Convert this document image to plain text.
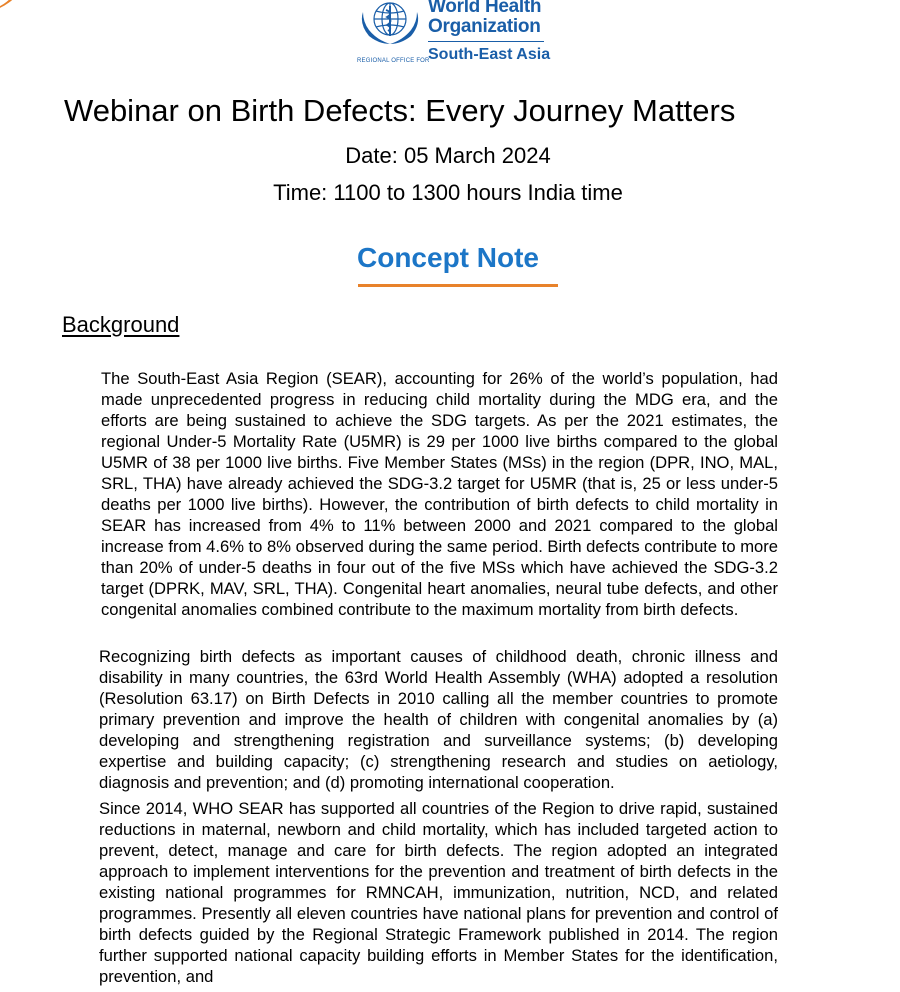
World Health
Organization
REGIONAL OFFICE FOR
South-East Asia
Webinar on Birth Defects: Every Journey Matters
Date: 05 March 2024
Time: 1100 to 1300 hours India time
Concept Note
Background

The South-East Asia Region (SEAR), accounting for 26% of the world’s population, had made unprecedented progress in reducing child mortality during the MDG era, and the efforts are being sustained to achieve the SDG targets. As per the 2021 estimates, the regional Under-5 Mortality Rate (U5MR) is 29 per 1000 live births compared to the global U5MR of 38 per 1000 live births. Five Member States (MSs) in the region (DPR, INO, MAL, SRL, THA) have already achieved the SDG-3.2 target for U5MR (that is, 25 or less under-5 deaths per 1000 live births). However, the contribution of birth defects to child mortality in SEAR has increased from 4% to 11% between 2000 and 2021 compared to the global increase from 4.6% to 8% observed during the same period. Birth defects contribute to more than 20% of under-5 deaths in four out of the five MSs which have achieved the SDG-3.2 target (DPRK, MAV, SRL, THA). Congenital heart anomalies, neural tube defects, and other congenital anomalies combined contribute to the maximum mortality from birth defects.

Recognizing birth defects as important causes of childhood death, chronic illness and disability in many countries, the 63rd World Health Assembly (WHA) adopted a resolution (Resolution 63.17) on Birth Defects in 2010 calling all the member countries to promote primary prevention and improve the health of children with congenital anomalies by (a) developing and strengthening registration and surveillance systems; (b) developing expertise and building capacity; (c) strengthening research and studies on aetiology, diagnosis and prevention; and (d) promoting international cooperation.

Since 2014, WHO SEAR has supported all countries of the Region to drive rapid, sustained reductions in maternal, newborn and child mortality, which has included targeted action to prevent, detect, manage and care for birth defects. The region adopted an integrated approach to implement interventions for the prevention and treatment of birth defects in the existing national programmes for RMNCAH, immunization, nutrition, NCD, and related programmes. Presently all eleven countries have national plans for prevention and control of birth defects guided by the Regional Strategic Framework published in 2014. The region further supported national capacity building efforts in Member States for the identification, prevention, and
